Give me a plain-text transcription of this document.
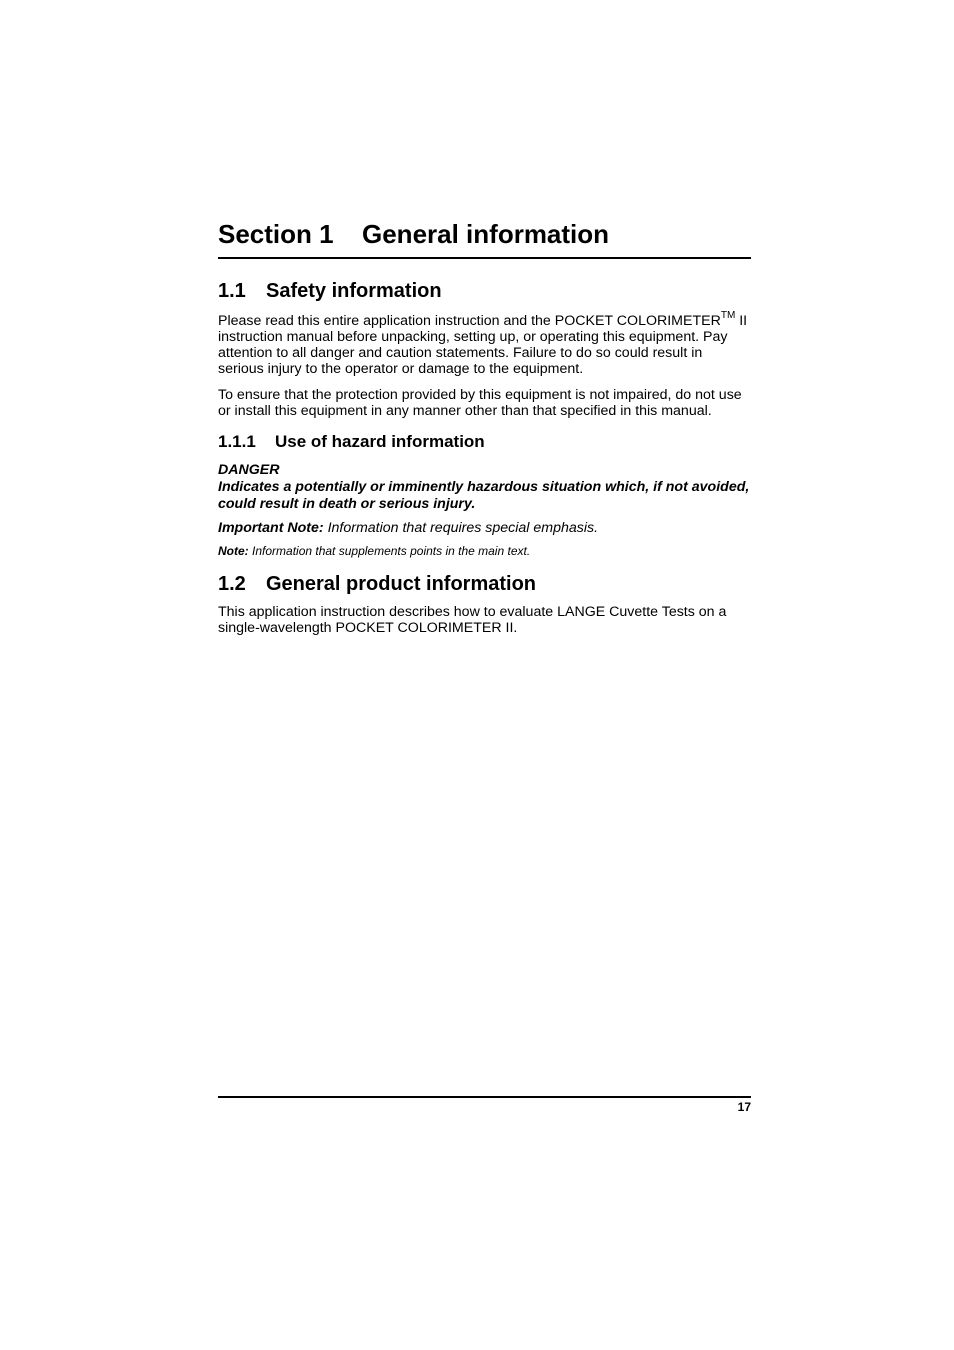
Section 1 General information
1.1 Safety information

Please read this entire application instruction and the POCKET COLORIMETER™ II instruction manual before unpacking, setting up, or operating this equipment. Pay attention to all danger and caution statements. Failure to do so could result in serious injury to the operator or damage to the equipment.

To ensure that the protection provided by this equipment is not impaired, do not use or install this equipment in any manner other than that specified in this manual.

1.1.1 Use of hazard information

DANGER

Indicates a potentially or imminently hazardous situation which, if not avoided, could result in death or serious injury.

Important Note: Information that requires special emphasis.

Note: Information that supplements points in the main text.

1.2 General product information

This application instruction describes how to evaluate LANGE Cuvette Tests on a single-wavelength POCKET COLORIMETER II.

17
